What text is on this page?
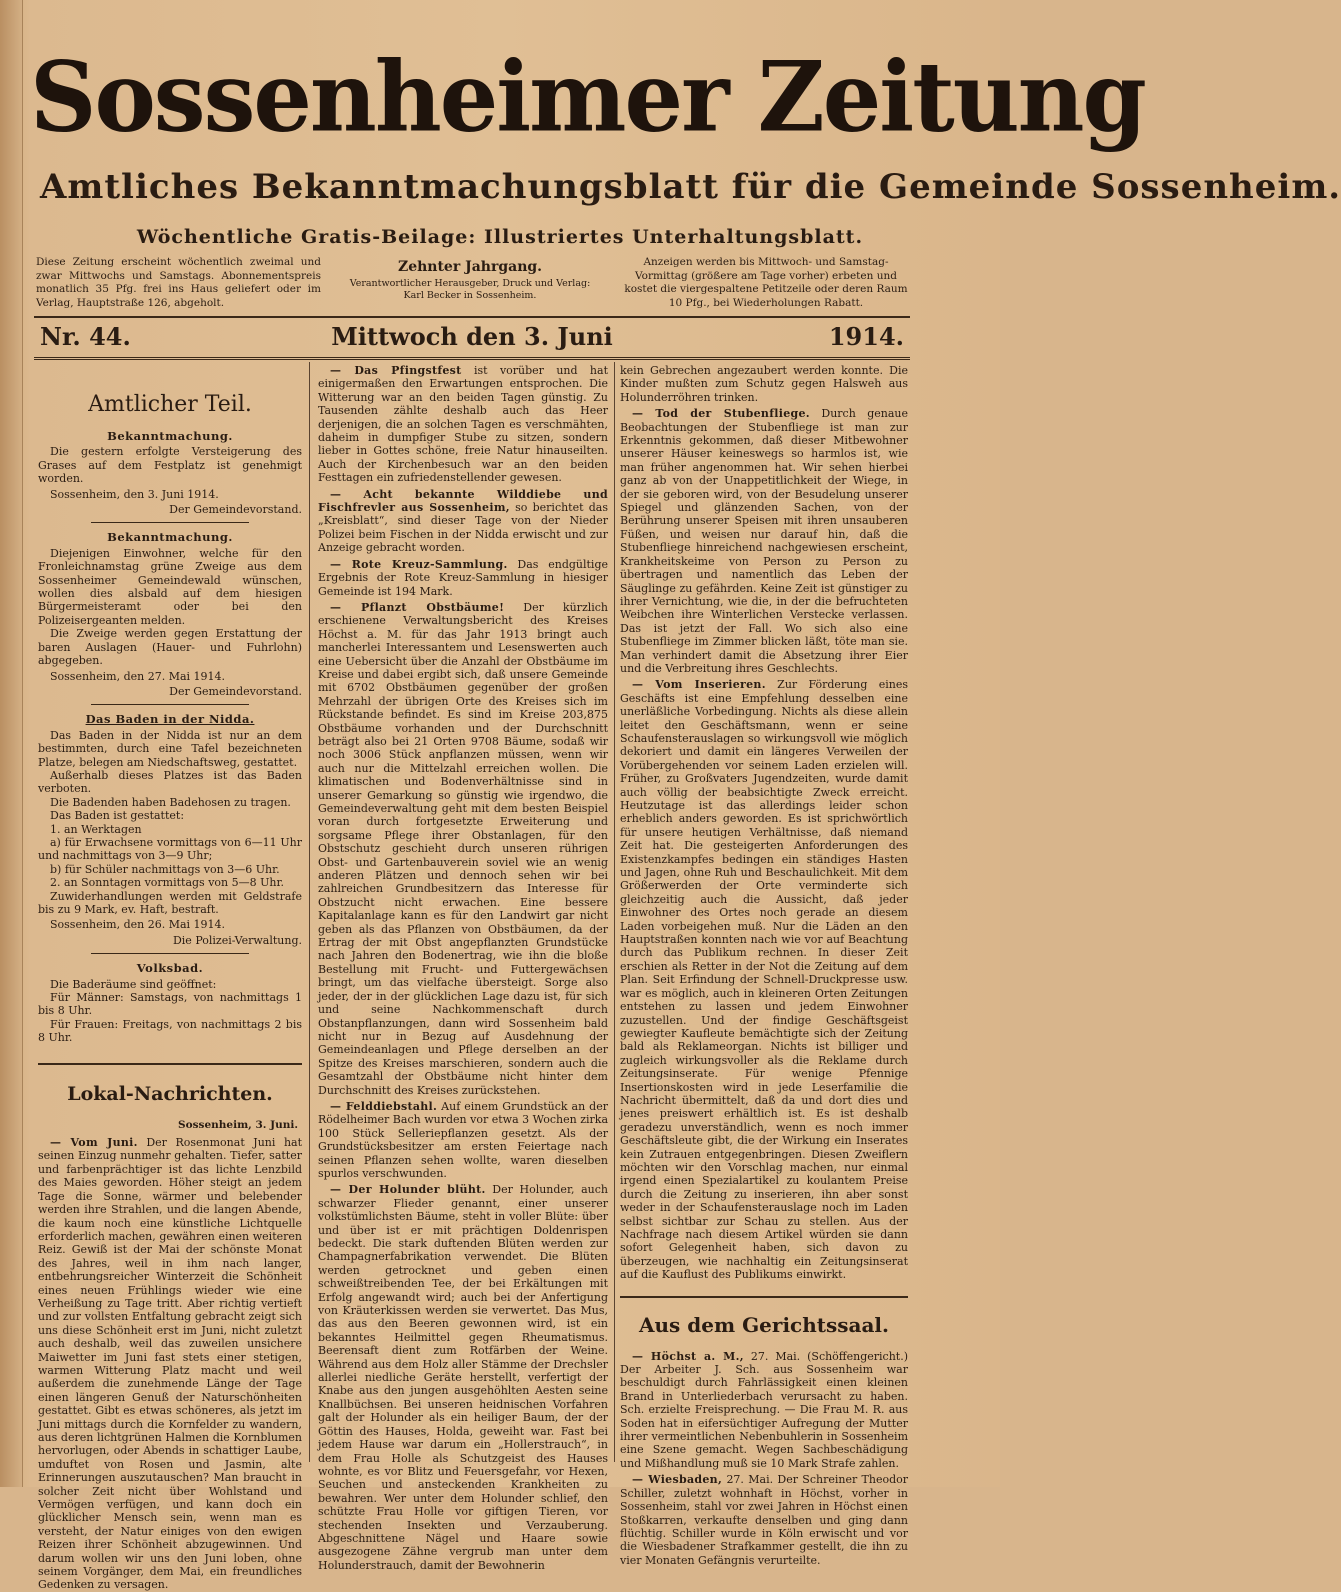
Sossenheimer Zeitung
Amtliches Bekanntmachungsblatt für die Gemeinde Sossenheim.
Wöchentliche Gratis-Beilage: Illustriertes Unterhaltungsblatt.
Diese Zeitung erscheint wöchentlich zweimal und zwar Mittwochs und Samstags. Abonnementspreis monatlich 35 Pfg. frei ins Haus geliefert oder im Verlag, Hauptstraße 126, abgeholt.
Zehnter Jahrgang.
Verantwortlicher Herausgeber, Druck und Verlag:
Karl Becker in Sossenheim.
Anzeigen werden bis Mittwoch- und Samstag-Vormittag (größere am Tage vorher) erbeten und kostet die viergespaltene Petitzeile oder deren Raum 10 Pfg., bei Wiederholungen Rabatt.
Mittwoch den 3. Juni
Nr. 44.	1914.
Amtlicher Teil.
Bekanntmachung.

Die gestern erfolgte Versteigerung des Grases auf dem Festplatz ist genehmigt worden.

Sossenheim, den 3. Juni 1914.

Der Gemeindevorstand.

Bekanntmachung.

Diejenigen Einwohner, welche für den Fronleichnamstag grüne Zweige aus dem Sossenheimer Gemeindewald wünschen, wollen dies alsbald auf dem hiesigen Bürgermeisteramt oder bei den Polizeisergeanten melden.

Die Zweige werden gegen Erstattung der baren Auslagen (Hauer- und Fuhrlohn) abgegeben.

Sossenheim, den 27. Mai 1914.

Der Gemeindevorstand.

Das Baden in der Nidda.

Das Baden in der Nidda ist nur an dem bestimmten, durch eine Tafel bezeichneten Platze, belegen am Niedschaftsweg, gestattet.

Außerhalb dieses Platzes ist das Baden verboten.

Die Badenden haben Badehosen zu tragen.

Das Baden ist gestattet:

1. an Werktagen

a) für Erwachsene vormittags von 6—11 Uhr und nachmittags von 3—9 Uhr;

b) für Schüler nachmittags von 3—6 Uhr.

2. an Sonntagen vormittags von 5—8 Uhr.

Zuwiderhandlungen werden mit Geldstrafe bis zu 9 Mark, ev. Haft, bestraft.

Sossenheim, den 26. Mai 1914.

Die Polizei-Verwaltung.

Volksbad.

Die Baderäume sind geöffnet:

Für Männer: Samstags, von nachmittags 1 bis 8 Uhr.

Für Frauen: Freitags, von nachmittags 2 bis 8 Uhr.

Lokal-Nachrichten.
Sossenheim, 3. Juni.

— Vom Juni. Der Rosenmonat Juni hat seinen Einzug nunmehr gehalten. Tiefer, satter und farbenprächtiger ist das lichte Lenzbild des Maies geworden. Höher steigt an jedem Tage die Sonne, wärmer und belebender werden ihre Strahlen, und die langen Abende, die kaum noch eine künstliche Lichtquelle erforderlich machen, gewähren einen weiteren Reiz. Gewiß ist der Mai der schönste Monat des Jahres, weil in ihm nach langer, entbehrungsreicher Winterzeit die Schönheit eines neuen Frühlings wieder wie eine Verheißung zu Tage tritt. Aber richtig vertieft und zur vollsten Entfaltung gebracht zeigt sich uns diese Schönheit erst im Juni, nicht zuletzt auch deshalb, weil das zuweilen unsichere Maiwetter im Juni fast stets einer stetigen, warmen Witterung Platz macht und weil außerdem die zunehmende Länge der Tage einen längeren Genuß der Naturschönheiten gestattet. Gibt es etwas schöneres, als jetzt im Juni mittags durch die Kornfelder zu wandern, aus deren lichtgrünen Halmen die Kornblumen hervorlugen, oder Abends in schattiger Laube, umduftet von Rosen und Jasmin, alte Erinnerungen auszutauschen? Man braucht in solcher Zeit nicht über Wohlstand und Vermögen verfügen, und kann doch ein glücklicher Mensch sein, wenn man es versteht, der Natur einiges von den ewigen Reizen ihrer Schönheit abzugewinnen. Und darum wollen wir uns den Juni loben, ohne seinem Vorgänger, dem Mai, ein freundliches Gedenken zu versagen.

— Das Pfingstfest ist vorüber und hat einigermaßen den Erwartungen entsprochen. Die Witterung war an den beiden Tagen günstig. Zu Tausenden zählte deshalb auch das Heer derjenigen, die an solchen Tagen es verschmähten, daheim in dumpfiger Stube zu sitzen, sondern lieber in Gottes schöne, freie Natur hinauseilten. Auch der Kirchenbesuch war an den beiden Festtagen ein zufriedenstellender gewesen.

— Acht bekannte Wilddiebe und Fischfrevler aus Sossenheim, so berichtet das „Kreisblatt“, sind dieser Tage von der Nieder Polizei beim Fischen in der Nidda erwischt und zur Anzeige gebracht worden.

— Rote Kreuz-Sammlung. Das endgültige Ergebnis der Rote Kreuz-Sammlung in hiesiger Gemeinde ist 194 Mark.

— Pflanzt Obstbäume! Der kürzlich erschienene Verwaltungsbericht des Kreises Höchst a. M. für das Jahr 1913 bringt auch mancherlei Interessantem und Lesenswerten auch eine Uebersicht über die Anzahl der Obstbäume im Kreise und dabei ergibt sich, daß unsere Gemeinde mit 6702 Obstbäumen gegenüber der großen Mehrzahl der übrigen Orte des Kreises sich im Rückstande befindet. Es sind im Kreise 203,875 Obstbäume vorhanden und der Durchschnitt beträgt also bei 21 Orten 9708 Bäume, sodaß wir noch 3006 Stück anpflanzen müssen, wenn wir auch nur die Mittelzahl erreichen wollen. Die klimatischen und Bodenverhältnisse sind in unserer Gemarkung so günstig wie irgendwo, die Gemeindeverwaltung geht mit dem besten Beispiel voran durch fortgesetzte Erweiterung und sorgsame Pflege ihrer Obstanlagen, für den Obstschutz geschieht durch unseren rührigen Obst- und Gartenbauverein soviel wie an wenig anderen Plätzen und dennoch sehen wir bei zahlreichen Grundbesitzern das Interesse für Obstzucht nicht erwachen. Eine bessere Kapitalanlage kann es für den Landwirt gar nicht geben als das Pflanzen von Obstbäumen, da der Ertrag der mit Obst angepflanzten Grundstücke nach Jahren den Bodenertrag, wie ihn die bloße Bestellung mit Frucht- und Futtergewächsen bringt, um das vielfache übersteigt. Sorge also jeder, der in der glücklichen Lage dazu ist, für sich und seine Nachkommenschaft durch Obstanpflanzungen, dann wird Sossenheim bald nicht nur in Bezug auf Ausdehnung der Gemeindeanlagen und Pflege derselben an der Spitze des Kreises marschieren, sondern auch die Gesamtzahl der Obstbäume nicht hinter dem Durchschnitt des Kreises zurückstehen.

— Felddiebstahl. Auf einem Grundstück an der Rödelheimer Bach wurden vor etwa 3 Wochen zirka 100 Stück Selleriepflanzen gesetzt. Als der Grundstücksbesitzer am ersten Feiertage nach seinen Pflanzen sehen wollte, waren dieselben spurlos verschwunden.

— Der Holunder blüht. Der Holunder, auch schwarzer Flieder genannt, einer unserer volkstümlichsten Bäume, steht in voller Blüte: über und über ist er mit prächtigen Doldenrispen bedeckt. Die stark duftenden Blüten werden zur Champagnerfabrikation verwendet. Die Blüten werden getrocknet und geben einen schweißtreibenden Tee, der bei Erkältungen mit Erfolg angewandt wird; auch bei der Anfertigung von Kräuterkissen werden sie verwertet. Das Mus, das aus den Beeren gewonnen wird, ist ein bekanntes Heilmittel gegen Rheumatismus. Beerensaft dient zum Rotfärben der Weine. Während aus dem Holz aller Stämme der Drechsler allerlei niedliche Geräte herstellt, verfertigt der Knabe aus den jungen ausgehöhlten Aesten seine Knallbüchsen. Bei unseren heidnischen Vorfahren galt der Holunder als ein heiliger Baum, der der Göttin des Hauses, Holda, geweiht war. Fast bei jedem Hause war darum ein „Hollerstrauch“, in dem Frau Holle als Schutzgeist des Hauses wohnte, es vor Blitz und Feuersgefahr, vor Hexen, Seuchen und ansteckenden Krankheiten zu bewahren. Wer unter dem Holunder schlief, den schützte Frau Holle vor giftigen Tieren, vor stechenden Insekten und Verzauberung. Abgeschnittene Nägel und Haare sowie ausgezogene Zähne vergrub man unter dem Holunderstrauch, damit der Bewohnerin

kein Gebrechen angezaubert werden konnte. Die Kinder mußten zum Schutz gegen Halsweh aus Holunderröhren trinken.

— Tod der Stubenfliege. Durch genaue Beobachtungen der Stubenfliege ist man zur Erkenntnis gekommen, daß dieser Mitbewohner unserer Häuser keineswegs so harmlos ist, wie man früher angenommen hat. Wir sehen hierbei ganz ab von der Unappetitlichkeit der Wiege, in der sie geboren wird, von der Besudelung unserer Spiegel und glänzenden Sachen, von der Berührung unserer Speisen mit ihren unsauberen Füßen, und weisen nur darauf hin, daß die Stubenfliege hinreichend nachgewiesen erscheint, Krankheitskeime von Person zu Person zu übertragen und namentlich das Leben der Säuglinge zu gefährden. Keine Zeit ist günstiger zu ihrer Vernichtung, wie die, in der die befruchteten Weibchen ihre Winterlichen Verstecke verlassen. Das ist jetzt der Fall. Wo sich also eine Stubenfliege im Zimmer blicken läßt, töte man sie. Man verhindert damit die Absetzung ihrer Eier und die Verbreitung ihres Geschlechts.

— Vom Inserieren. Zur Förderung eines Geschäfts ist eine Empfehlung desselben eine unerläßliche Vorbedingung. Nichts als diese allein leitet den Geschäftsmann, wenn er seine Schaufensterauslagen so wirkungsvoll wie möglich dekoriert und damit ein längeres Verweilen der Vorübergehenden vor seinem Laden erzielen will. Früher, zu Großvaters Jugendzeiten, wurde damit auch völlig der beabsichtigte Zweck erreicht. Heutzutage ist das allerdings leider schon erheblich anders geworden. Es ist sprichwörtlich für unsere heutigen Verhältnisse, daß niemand Zeit hat. Die gesteigerten Anforderungen des Existenzkampfes bedingen ein ständiges Hasten und Jagen, ohne Ruh und Beschaulichkeit. Mit dem Größerwerden der Orte verminderte sich gleichzeitig auch die Aussicht, daß jeder Einwohner des Ortes noch gerade an diesem Laden vorbeigehen muß. Nur die Läden an den Hauptstraßen konnten nach wie vor auf Beachtung durch das Publikum rechnen. In dieser Zeit erschien als Retter in der Not die Zeitung auf dem Plan. Seit Erfindung der Schnell-Druckpresse usw. war es möglich, auch in kleineren Orten Zeitungen entstehen zu lassen und jedem Einwohner zuzustellen. Und der findige Geschäftsgeist gewiegter Kaufleute bemächtigte sich der Zeitung bald als Reklameorgan. Nichts ist billiger und zugleich wirkungsvoller als die Reklame durch Zeitungsinserate. Für wenige Pfennige Insertionskosten wird in jede Leserfamilie die Nachricht übermittelt, daß da und dort dies und jenes preiswert erhältlich ist. Es ist deshalb geradezu unverständlich, wenn es noch immer Geschäftsleute gibt, die der Wirkung ein Inserates kein Zutrauen entgegenbringen. Diesen Zweiflern möchten wir den Vorschlag machen, nur einmal irgend einen Spezialartikel zu koulantem Preise durch die Zeitung zu inserieren, ihn aber sonst weder in der Schaufensterauslage noch im Laden selbst sichtbar zur Schau zu stellen. Aus der Nachfrage nach diesem Artikel würden sie dann sofort Gelegenheit haben, sich davon zu überzeugen, wie nachhaltig ein Zeitungsinserat auf die Kauflust des Publikums einwirkt.

Aus dem Gerichtssaal.

— Höchst a. M., 27. Mai. (Schöffengericht.) Der Arbeiter J. Sch. aus Sossenheim war beschuldigt durch Fahrlässigkeit einen kleinen Brand in Unterliederbach verursacht zu haben. Sch. erzielte Freisprechung. — Die Frau M. R. aus Soden hat in eifersüchtiger Aufregung der Mutter ihrer vermeintlichen Nebenbuhlerin in Sossenheim eine Szene gemacht. Wegen Sachbeschädigung und Mißhandlung muß sie 10 Mark Strafe zahlen.

— Wiesbaden, 27. Mai. Der Schreiner Theodor Schiller, zuletzt wohnhaft in Höchst, vorher in Sossenheim, stahl vor zwei Jahren in Höchst einen Stoßkarren, verkaufte denselben und ging dann flüchtig. Schiller wurde in Köln erwischt und vor die Wiesbadener Strafkammer gestellt, die ihn zu vier Monaten Gefängnis verurteilte.
